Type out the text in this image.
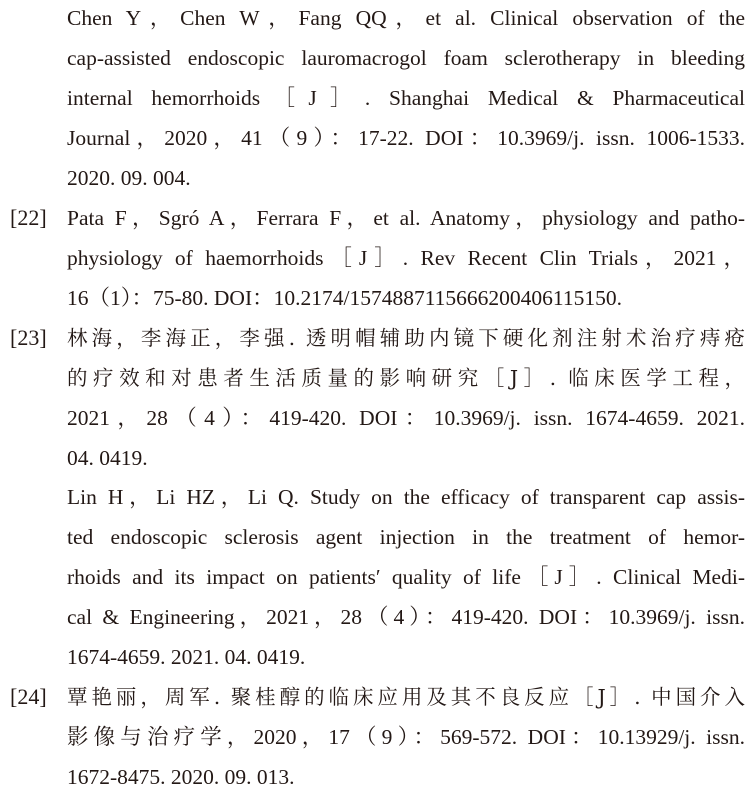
Chen Y，Chen W，Fang QQ，et al. Clinical observation of the
cap-assisted endoscopic lauromacrogol foam sclerotherapy in bleeding
internal hemorrhoids［J］. Shanghai Medical & Pharmaceutical
Journal，2020，41（9）：17-22. DOI：10.3969/j. issn. 1006-1533.
2020. 09. 004.
[22] Pata F，Sgró A，Ferrara F，et al. Anatomy，physiology and patho-
physiology of haemorrhoids［J］. Rev Recent Clin Trials，2021，
16（1）：75-80. DOI：10.2174/1574887115666200406115150.
[23] 林海，李海正，李强. 透明帽辅助内镜下硬化剂注射术治疗痔疮
的疗效和对患者生活质量的影响研究［J］. 临床医学工程，
2021，28（4）：419-420. DOI：10.3969/j. issn. 1674-4659. 2021.
04. 0419.
Lin H，Li HZ，Li Q. Study on the efficacy of transparent cap assis-
ted endoscopic sclerosis agent injection in the treatment of hemor-
rhoids and its impact on patients′ quality of life［J］. Clinical Medi-
cal & Engineering，2021，28（4）：419-420. DOI：10.3969/j. issn.
1674-4659. 2021. 04. 0419.
[24] 覃艳丽，周军. 聚桂醇的临床应用及其不良反应［J］. 中国介入
影像与治疗学，2020，17（9）：569-572. DOI：10.13929/j. issn.
1672-8475. 2020. 09. 013.
